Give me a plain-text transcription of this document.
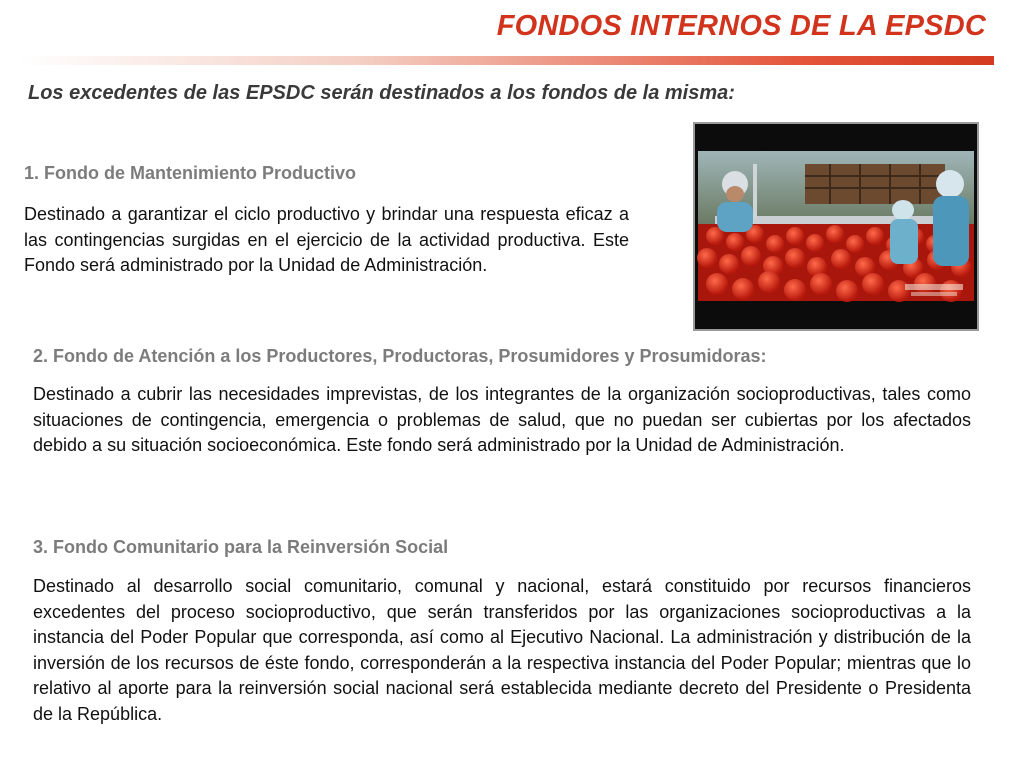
FONDOS INTERNOS DE LA EPSDC
Los excedentes de las EPSDC serán destinados a los fondos de la misma:
1. Fondo de Mantenimiento Productivo
Destinado a garantizar el ciclo productivo y brindar una respuesta eficaz a las contingencias surgidas en el ejercicio de la actividad productiva. Este Fondo será administrado por la Unidad de Administración.
2. Fondo de Atención a los Productores, Productoras, Prosumidores y Prosumidoras:
Destinado a cubrir las necesidades imprevistas, de los integrantes de la organización socioproductivas, tales como situaciones de contingencia, emergencia o problemas de salud, que no puedan ser cubiertas por los afectados debido a su situación socioeconómica. Este fondo será administrado por la Unidad de Administración.
3. Fondo Comunitario para la Reinversión Social
Destinado al desarrollo social comunitario, comunal y nacional, estará constituido por recursos financieros excedentes del proceso socioproductivo, que serán transferidos por las organizaciones socioproductivas a la instancia del Poder Popular que corresponda, así como al Ejecutivo Nacional. La administración y distribución de la inversión de los recursos de éste fondo, corresponderán a la respectiva instancia del Poder Popular; mientras que lo relativo al aporte para la reinversión social nacional será establecida mediante decreto del Presidente o Presidenta de la República.
